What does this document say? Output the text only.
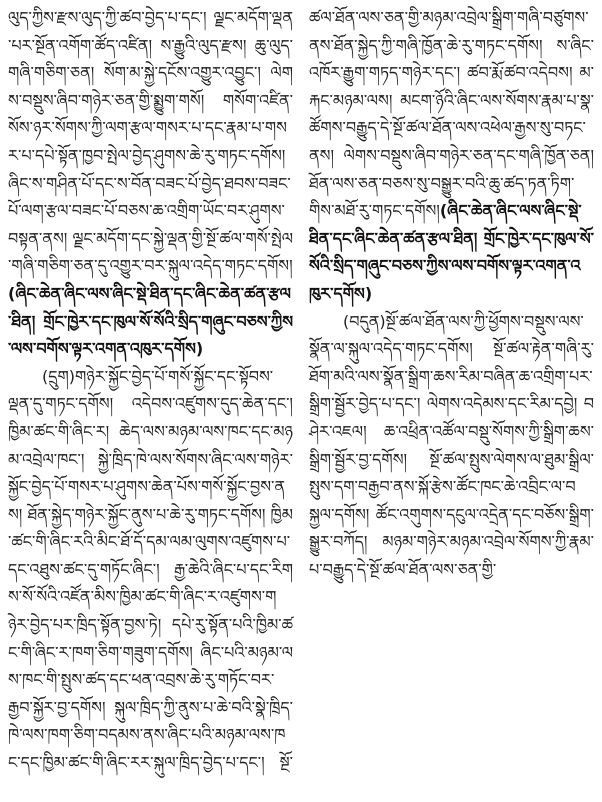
ལུད་ཀྱིས་རྫས་ལུད་ཀྱི་ཚབ་བྱེད་པ་དང་། ལྗང་མདོག་ལྡན་པར་སྔོན་འགོག་ཚོད་འཛིན། ས་རྒྱུའི་ལུད་རྫས། ཆུ་ལུད་གཞི་གཅིག་ཅན། སོག་མ་སྐྱེ་དངོས་འགྱུར་འབྱུང་། ལེགས་བསྡུས་ཞིབ་གཉེར་ཅན་གྱི་སྨྱུག་གསོ། གསོག་འཛིན་སོས་ཉར་སོགས་ཀྱི་ལག་རྩལ་གསར་པ་དང་རྣམ་པ་གསར་པ་དཔེ་སྟོན་ཁྱབ་སྤེལ་བྱེད་ཤུགས་ཆེ་རུ་གཏང་དགོས། ཞིང་ས་གཤིན་པོ་དང་ས་བོན་བཟང་པོ་བྱེད་ཐབས་བཟང་པོ་ལག་རྩལ་བཟང་པོ་བཅས་ཆ་འགྲིག་ཡོང་བར་ཤུགས་བསྟན་ནས། ལྗང་མདོག་དང་སྐྱེ་ལྡན་གྱི་སྔོ་ཚལ་གསོ་སྤེལ་གཞི་གཅིག་ཅན་དུ་འགྱུར་བར་སྐུལ་འདེད་གཏང་དགོས། (ཞིང་ཆེན་ཞིང་ལས་ཞིང་སྡེ་ཐིན་དང་ཞིང་ཆེན་ཚན་རྩལ་ཐིན། གྲོང་ཁྱེར་དང་ཁུལ་སོ་སོའི་སྲིད་གཞུང་བཅས་ཀྱིས་ལས་བགོས་ལྟར་འགན་འཁུར་དགོས)

(དྲུག)གཉེར་སྐྱོང་བྱེད་པོ་གསོ་སྐྱོང་དང་སྟོབས་ལྡན་དུ་གཏང་དགོས། འདེབས་འཛུགས་དུད་ཆེན་དང་། ཁྱིམ་ཚང་གི་ཞིང་ར། ཆེད་ལས་མཉམ་ལས་ཁང་དང་མཉམ་འབྲེལ་ཁང་། སྐྱེ་ཁྲིད་ཁེ་ལས་སོགས་ཞིང་ལས་གཉེར་སྐྱོང་བྱེད་པོ་གསར་པ་ཤུགས་ཆེན་པོས་གསོ་སྐྱོང་བྱས་ནས། ཐོན་སྐྱེད་གཉེར་སྐྱོང་ནུས་པ་ཆེ་རུ་གཏང་དགོས། ཁྱིམ་ཚང་གི་ཞིང་རའི་མིང་ཐོ་དོ་དམ་ལམ་ལུགས་འཛུགས་པ་དང་འཐུས་ཚང་དུ་གཏོང་ཞིང་། རྒྱ་ཆེའི་ཞིང་པ་དང་རིགས་སོ་སོའི་འཛོན་མིས་ཁྱིམ་ཚང་གི་ཞིང་ར་འཛུགས་གཉེར་བྱེད་པར་ཁྲིད་སྟོན་བྱས་ཏེ། དཔེ་རུ་སྟོན་པའི་ཁྱིམ་ཚང་གི་ཞིང་ར་ཁག་ཅིག་གཟུག་དགོས། ཞིང་པའི་མཉམ་ལས་ཁང་གི་སྤུས་ཚད་དང་ཕན་འབྲས་ཆེ་རུ་གཏོང་བར་རྒྱབ་སྐྱོར་བྱ་དགོས། སྐུལ་ཁྲིད་ཀྱི་ནུས་པ་ཆེ་བའི་སྣེ་ཁྲིད་ཁེ་ལས་ཁག་ཅིག་བདམས་ནས་ཞིང་པའི་མཉམ་ལས་ཁང་དང་ཁྱིམ་ཚང་གི་ཞིང་རར་སྐུལ་ཁྲིད་བྱེད་པ་དང་། སྔོ་ཚལ་ཐོན་ལས་ཅན་གྱི་མཉམ་འབྲེལ་སྒྲིག་གཞི་བཙུགས་ནས་ཐོན་སྐྱེད་ཀྱི་གཞི་ཁྱོན་ཆེ་རུ་གཏང་དགོས། ས་ཞིང་འཁོར་རྒྱུག་གཏད་གཉེར་དང་། ཚབ་རྨོ་ཚབ་འདེབས། མ་རྐང་མཉམ་ལས། མངག་ཉོའི་ཞིང་ལས་སོགས་རྣམ་པ་སྣ་ཚོགས་བརྒྱུད་དེ་སྔོ་ཚལ་ཐོན་ལས་འཕེལ་རྒྱས་སུ་བཏང་ནས། ལེགས་བསྡུས་ཞིབ་གཉེར་ཅན་དང་གཞི་ཁྱོན་ཅན། ཐོན་ལས་ཅན་བཅས་སུ་བསྒྱུར་བའི་ཆུ་ཚད་ཏན་ཏིག་གིས་མཐོ་རུ་གཏང་དགོས།(ཞིང་ཆེན་ཞིང་ལས་ཞིང་སྡེ་ཐིན་དང་ཞིང་ཆེན་ཚན་རྩལ་ཐིན། གྲོང་ཁྱེར་དང་ཁུལ་སོ་སོའི་སྲིད་གཞུང་བཅས་ཀྱིས་ལས་བགོས་ལྟར་འགན་འཁུར་དགོས)

(བདུན)སྔོ་ཚལ་ཐོན་ལས་ཀྱི་ཕྱོགས་བསྡུས་ལས་སྣོན་ལ་སྐུལ་འདེད་གཏང་དགོས། སྔོ་ཚལ་རྟེན་གཞི་རུ་ཐོག་མའི་ལས་སྣོན་སྒྲིག་ཆས་རིམ་བཞིན་ཆ་འགྲིག་པར་སྒྲིག་སྦྱོར་བྱེད་པ་དང་། ལེགས་འདེམས་དང་རིམ་དབྱེ། བཤེར་འཇལ། ཆ་འཕྲིན་འཚོལ་བསྡུ་སོགས་ཀྱི་སྒྲིག་ཆས་སྒྲིག་སྦྱོར་བྱ་དགོས། སྔོ་ཚལ་སྤུས་ལེགས་ལ་ཐུམ་སྒྲིལ་སྤུས་དག་བརྒྱབ་ནས་སྐོ་རྩེས་ཚོང་ཁང་ཆེ་འབྲིང་ལ་བསྐྱལ་དགོས། ཚོང་འགུགས་དངུལ་འདྲེན་དང་བཅོས་སྒྲིག་སྒྱུར་བཀོད། མཉམ་གཉེར་མཉམ་འབྲེལ་སོགས་ཀྱི་རྣམ་པ་བརྒྱུད་དེ་སྔོ་ཚལ་ཐོན་ལས་ཅན་གྱི་
